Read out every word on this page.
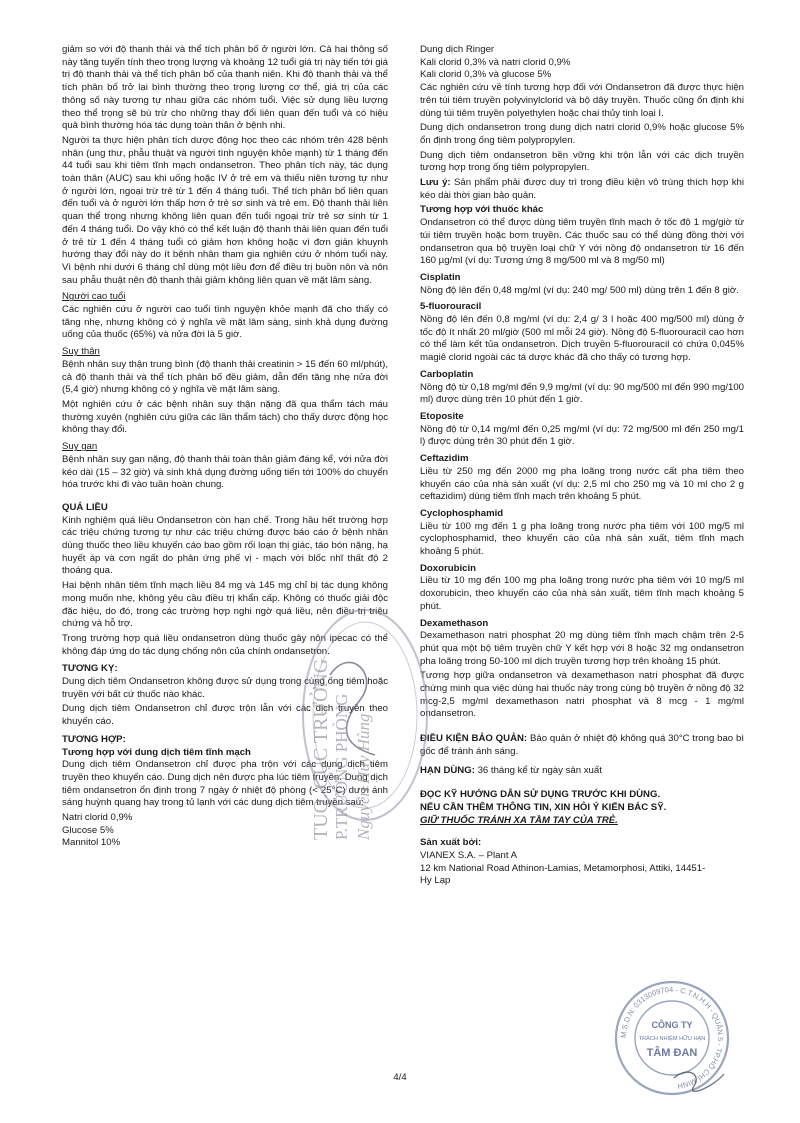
giảm so với độ thanh thải và thể tích phân bố ở người lớn. Cả hai thông số này tăng tuyến tính theo trọng lượng và khoảng 12 tuổi giá trị này tiến tới giá trị độ thanh thải và thể tích phân bố của thanh niên. Khi độ thanh thải và thể tích phân bố trở lại bình thường theo trọng lượng cơ thể, giá trị của các thông số này tương tự nhau giữa các nhóm tuổi. Việc sử dụng liều lượng theo thể trọng sẽ bù trừ cho những thay đổi liên quan đến tuổi và có hiệu quả bình thường hóa tác dụng toàn thân ở bệnh nhi.

Người ta thực hiện phân tích dược động học theo các nhóm trên 428 bệnh nhân (ung thư, phẫu thuật và người tình nguyện khỏe mạnh) từ 1 tháng đến 44 tuổi sau khi tiêm tĩnh mạch ondansetron. Theo phân tích này, tác dụng toàn thân (AUC) sau khi uống hoặc IV ở trẻ em và thiếu niên tương tự như ở người lớn, ngoại trừ trẻ từ 1 đến 4 tháng tuổi. Thể tích phân bố liên quan đến tuổi và ở người lớn thấp hơn ở trẻ sơ sinh và trẻ em. Độ thanh thải liên quan thể trọng nhưng không liên quan đến tuổi ngoại trừ trẻ sơ sinh từ 1 đến 4 tháng tuổi. Do vậy khó có thể kết luận độ thanh thải liên quan đến tuổi ở trẻ từ 1 đến 4 tháng tuổi có giảm hơn không hoặc vì đơn giản khuynh hướng thay đổi này do ít bệnh nhân tham gia nghiên cứu ở nhóm tuổi này. Vì bệnh nhi dưới 6 tháng chỉ dùng một liều đơn để điều trị buồn nôn và nôn sau phẫu thuật nên độ thanh thải giảm không liên quan về mặt lâm sàng.

Người cao tuổi

Các nghiên cứu ở người cao tuổi tình nguyện khỏe mạnh đã cho thấy có tăng nhẹ, nhưng không có ý nghĩa về mặt lâm sàng, sinh khả dụng đường uống của thuốc (65%) và nửa đời là 5 giờ.

Suy thận

Bệnh nhân suy thận trung bình (độ thanh thải creatinin > 15 đến 60 ml/phút), cả độ thanh thải và thể tích phân bố đều giảm, dẫn đến tăng nhẹ nửa đời (5,4 giờ) nhưng không có ý nghĩa về mặt lâm sàng.

Một nghiên cứu ở các bệnh nhân suy thận nặng đã qua thẩm tách máu thường xuyên (nghiên cứu giữa các lần thẩm tách) cho thấy dược động học không thay đổi.

Suy gan

Bệnh nhân suy gan nặng, độ thanh thải toàn thân giảm đáng kể, với nửa đời kéo dài (15 – 32 giờ) và sinh khả dụng đường uống tiến tới 100% do chuyển hóa trước khi đi vào tuần hoàn chung.

QUÁ LIỀU

Kinh nghiệm quá liều Ondansetron còn hạn chế. Trong hầu hết trường hợp các triệu chứng tương tự như các triệu chứng được báo cáo ở bệnh nhân dùng thuốc theo liều khuyến cáo bao gồm rối loạn thị giác, táo bón nặng, hạ huyết áp và cơn ngất do phản ứng phế vị - mạch với blốc nhĩ thất độ 2 thoáng qua.

Hai bệnh nhân tiêm tĩnh mạch liều 84 mg và 145 mg chỉ bị tác dụng không mong muốn nhẹ, không yêu cầu điều trị khẩn cấp. Không có thuốc giải độc đặc hiệu, do đó, trong các trường hợp nghi ngờ quá liều, nên điều trị triệu chứng và hỗ trợ.

Trong trường hợp quá liều ondansetron dùng thuốc gây nôn ipecac có thể không đáp ứng do tác dụng chống nôn của chính ondansetron.

TƯƠNG KỴ:

Dung dịch tiêm Ondansetron không được sử dụng trong cùng ống tiêm hoặc truyền với bất cứ thuốc nào khác.

Dung dịch tiêm Ondansetron chỉ được trộn lẫn với các dịch truyền theo khuyến cáo.

TƯƠNG HỢP:
Tương hợp với dung dịch tiêm tĩnh mạch

Dung dịch tiêm Ondansetron chỉ được pha trộn với các dung dịch tiêm truyền theo khuyến cáo. Dung dịch nên được pha lúc tiêm truyền. Dung dịch tiêm ondansetron ổn định trong 7 ngày ở nhiệt độ phòng (< 25°C) dưới ánh sáng huỳnh quang hay trong tủ lạnh với các dung dịch tiêm truyền sau:

Natri clorid 0,9%
Glucose 5%
Mannitol 10%
Dung dịch Ringer
Kali clorid 0,3% và natri clorid 0,9%
Kali clorid 0,3% và glucose 5%

Các nghiên cứu về tính tương hợp đối với Ondansetron đã được thực hiện trên túi tiêm truyền polyvinylclorid và bộ dây truyền. Thuốc cũng ổn định khi dùng túi tiêm truyền polyethylen hoặc chai thủy tinh loại I.

Dung dịch ondansetron trong dung dịch natri clorid 0,9% hoặc glucose 5% ổn định trong ống tiêm polypropylen.

Dung dịch tiêm ondansetron bền vững khi trộn lẫn với các dịch truyền tương hợp trong ống tiêm polypropylen.

Lưu ý: Sản phẩm phải được duy trì trong điều kiện vô trùng thích hợp khi kéo dài thời gian bảo quản.

Tương hợp với thuốc khác

Ondansetron có thể được dùng tiêm truyền tĩnh mạch ở tốc độ 1 mg/giờ từ túi tiêm truyền hoặc bơm truyền. Các thuốc sau có thể dùng đồng thời với ondansetron qua bộ truyền loại chữ Y với nồng độ ondansetron từ 16 đến 160 µg/ml (ví dụ: Tương ứng 8 mg/500 ml và 8 mg/50 ml)

Cisplatin

Nồng độ lên đến 0,48 mg/ml (ví dụ: 240 mg/ 500 ml) dùng trên 1 đến 8 giờ.

5-fluorouracil

Nồng độ lên đến 0,8 mg/ml (ví dụ: 2,4 g/ 3 l hoặc 400 mg/500 ml) dùng ở tốc độ ít nhất 20 ml/giờ (500 ml mỗi 24 giờ). Nồng độ 5-fluorouracil cao hơn có thể làm kết tủa ondansetron. Dịch truyền 5-fluorouracil có chứa 0,045% magiê clorid ngoài các tá dược khác đã cho thấy có tương hợp.

Carboplatin

Nồng độ từ 0,18 mg/ml đến 9,9 mg/ml (ví dụ: 90 mg/500 ml đến 990 mg/100 ml) được dùng trên 10 phút đến 1 giờ.

Etoposite

Nồng độ từ 0,14 mg/ml đến 0,25 mg/ml (ví dụ: 72 mg/500 ml đến 250 mg/1 l) được dùng trên 30 phút đến 1 giờ.

Ceftazidim

Liều từ 250 mg đến 2000 mg pha loãng trong nước cất pha tiêm theo khuyến cáo của nhà sản xuất (ví dụ: 2,5 ml cho 250 mg và 10 ml cho 2 g ceftazidim) dùng tiêm tĩnh mạch trên khoảng 5 phút.

Cyclophosphamid

Liều từ 100 mg đến 1 g pha loãng trong nước pha tiêm với 100 mg/5 ml cyclophosphamid, theo khuyến cáo của nhà sản xuất, tiêm tĩnh mạch khoảng 5 phút.

Doxorubicin

Liều từ 10 mg đến 100 mg pha loãng trong nước pha tiêm với 10 mg/5 ml doxorubicin, theo khuyến cáo của nhà sản xuất, tiêm tĩnh mạch khoảng 5 phút.

Dexamethason

Dexamethason natri phosphat 20 mg dùng tiêm tĩnh mạch chậm trên 2-5 phút qua một bộ tiêm truyền chữ Y kết hợp với 8 hoặc 32 mg ondansetron pha loãng trong 50-100 ml dịch truyền tương hợp trên khoảng 15 phút.

Tương hợp giữa ondansetron và dexamethason natri phosphat đã được chứng minh qua việc dùng hai thuốc này trong cùng bộ truyền ở nồng độ 32 mcg-2,5 mg/ml dexamethason natri phosphat và 8 mcg - 1 mg/ml ondansetron.

ĐIỀU KIỆN BẢO QUẢN: Bảo quản ở nhiệt độ không quá 30°C trong bao bì gốc để tránh ánh sáng.

HẠN DÙNG: 36 tháng kể từ ngày sản xuất

ĐỌC KỸ HƯỚNG DẪN SỬ DỤNG TRƯỚC KHI DÙNG.
NẾU CẦN THÊM THÔNG TIN, XIN HỎI Ý KIẾN BÁC SỸ.
GIỮ THUỐC TRÁNH XA TẦM TAY CỦA TRẺ.
Sản xuất bởi:
VIANEX S.A. – Plant A
12 km National Road Athinon-Lamias, Metamorphosi, Attiki, 14451-
Hy Lạp
4/4
TUQ. CỤC TRƯỞNG P.TRƯỞNG PHÒNG Nguyễn Huy Hùng
M.S.D.N: 0313009704 - C.T.N.H.H - QUẬN 5 - TP.HỒ CHÍ MINH
CÔNG TY
TRÁCH NHIỆM HỮU HẠN
TÂM ĐAN
